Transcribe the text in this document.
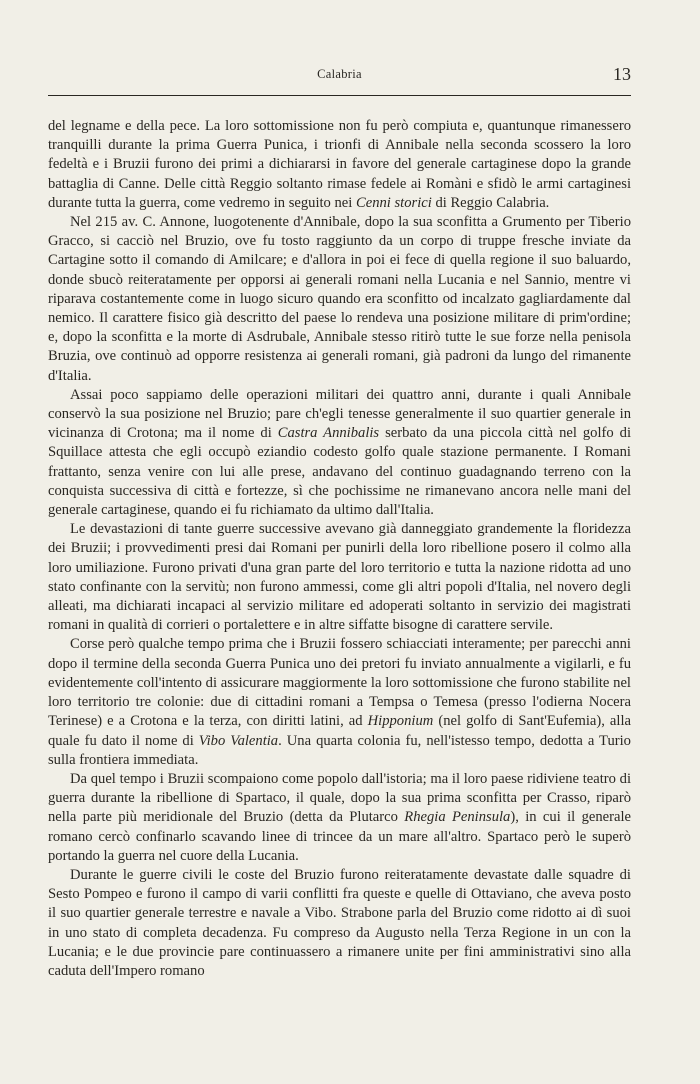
Calabria	13

del legname e della pece. La loro sottomissione non fu però compiuta e, quantunque rimanessero tranquilli durante la prima Guerra Punica, i trionfi di Annibale nella seconda scossero la loro fedeltà e i Bruzii furono dei primi a dichiararsi in favore del generale cartaginese dopo la grande battaglia di Canne. Delle città Reggio soltanto rimase fedele ai Romàni e sfidò le armi cartaginesi durante tutta la guerra, come vedremo in seguito nei Cenni storici di Reggio Calabria.

Nel 215 av. C. Annone, luogotenente d'Annibale, dopo la sua sconfitta a Grumento per Tiberio Gracco, si cacciò nel Bruzio, ove fu tosto raggiunto da un corpo di truppe fresche inviate da Cartagine sotto il comando di Amilcare; e d'allora in poi ei fece di quella regione il suo baluardo, donde sbucò reiteratamente per opporsi ai generali romani nella Lucania e nel Sannio, mentre vi riparava costantemente come in luogo sicuro quando era sconfitto od incalzato gagliardamente dal nemico. Il carattere fisico già descritto del paese lo rendeva una posizione militare di prim'ordine; e, dopo la sconfitta e la morte di Asdrubale, Annibale stesso ritirò tutte le sue forze nella penisola Bruzia, ove continuò ad opporre resistenza ai generali romani, già padroni da lungo del rimanente d'Italia.

Assai poco sappiamo delle operazioni militari dei quattro anni, durante i quali Annibale conservò la sua posizione nel Bruzio; pare ch'egli tenesse generalmente il suo quartier generale in vicinanza di Crotona; ma il nome di Castra Annibalis serbato da una piccola città nel golfo di Squillace attesta che egli occupò eziandio codesto golfo quale stazione permanente. I Romani frattanto, senza venire con lui alle prese, andavano del continuo guadagnando terreno con la conquista successiva di città e fortezze, sì che pochissime ne rimanevano ancora nelle mani del generale cartaginese, quando ei fu richiamato da ultimo dall'Italia.

Le devastazioni di tante guerre successive avevano già danneggiato grandemente la floridezza dei Bruzii; i provvedimenti presi dai Romani per punirli della loro ribellione posero il colmo alla loro umiliazione. Furono privati d'una gran parte del loro territorio e tutta la nazione ridotta ad uno stato confinante con la servitù; non furono ammessi, come gli altri popoli d'Italia, nel novero degli alleati, ma dichiarati incapaci al servizio militare ed adoperati soltanto in servizio dei magistrati romani in qualità di corrieri o portalettere e in altre siffatte bisogne di carattere servile.

Corse però qualche tempo prima che i Bruzii fossero schiacciati interamente; per parecchi anni dopo il termine della seconda Guerra Punica uno dei pretori fu inviato annualmente a vigilarli, e fu evidentemente coll'intento di assicurare maggiormente la loro sottomissione che furono stabilite nel loro territorio tre colonie: due di cittadini romani a Tempsa o Temesa (presso l'odierna Nocera Terinese) e a Crotona e la terza, con diritti latini, ad Hipponium (nel golfo di Sant'Eufemia), alla quale fu dato il nome di Vibo Valentia. Una quarta colonia fu, nell'istesso tempo, dedotta a Turio sulla frontiera immediata.

Da quel tempo i Bruzii scompaiono come popolo dall'istoria; ma il loro paese ridiviene teatro di guerra durante la ribellione di Spartaco, il quale, dopo la sua prima sconfitta per Crasso, riparò nella parte più meridionale del Bruzio (detta da Plutarco Rhegia Peninsula), in cui il generale romano cercò confinarlo scavando linee di trincee da un mare all'altro. Spartaco però le superò portando la guerra nel cuore della Lucania.

Durante le guerre civili le coste del Bruzio furono reiteratamente devastate dalle squadre di Sesto Pompeo e furono il campo di varii conflitti fra queste e quelle di Ottaviano, che aveva posto il suo quartier generale terrestre e navale a Vibo. Strabone parla del Bruzio come ridotto ai dì suoi in uno stato di completa decadenza. Fu compreso da Augusto nella Terza Regione in un con la Lucania; e le due provincie pare continuassero a rimanere unite per fini amministrativi sino alla caduta dell'Impero romano
